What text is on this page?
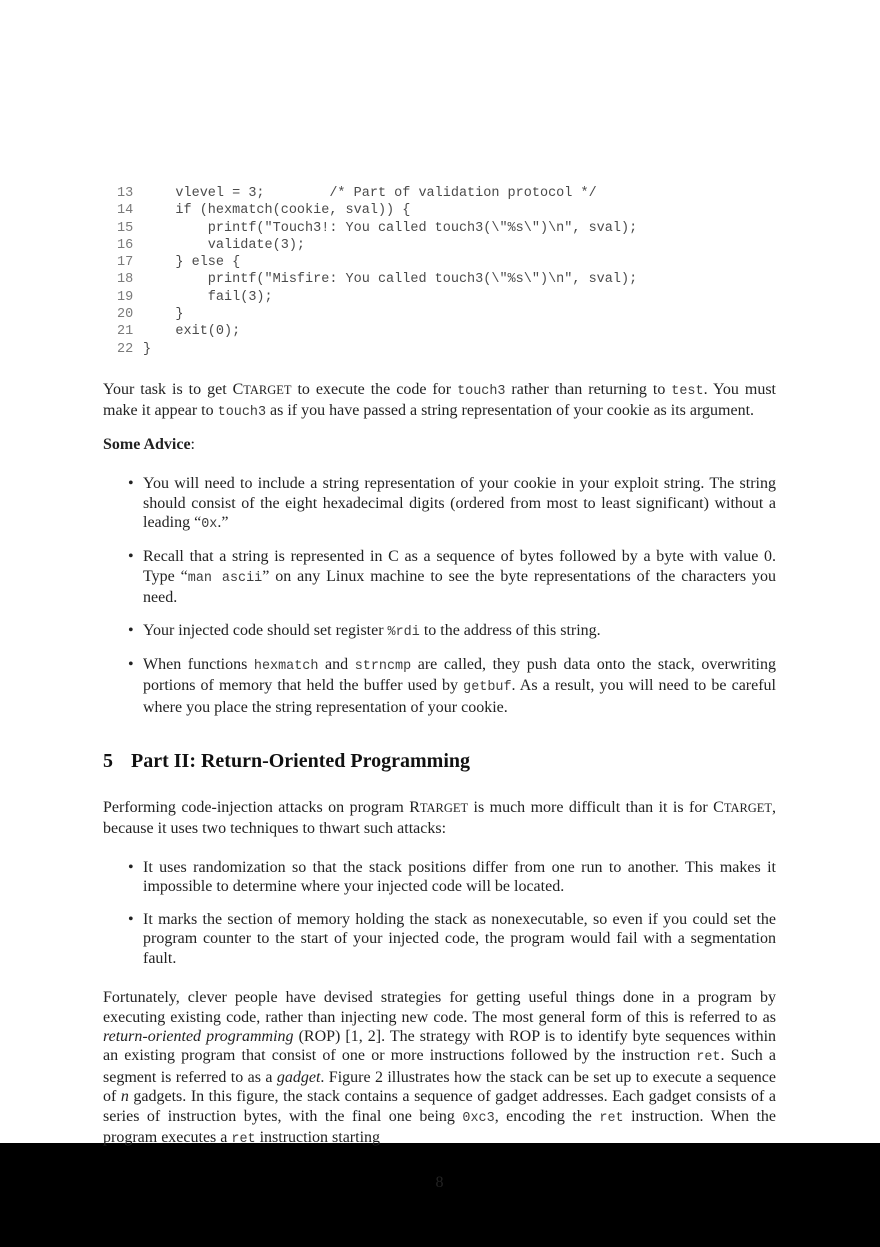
13 vlevel = 3;        /* Part of validation protocol */
14 if (hexmatch(cookie, sval)) {
15 printf("Touch3!: You called touch3(\"%s\")\n", sval);
16 validate(3);
17 } else {
18 printf("Misfire: You called touch3(\"%s\")\n", sval);
19 fail(3);
20 }
21 exit(0);
22 }

Your task is to get CTARGET to execute the code for touch3 rather than returning to test. You must make it appear to touch3 as if you have passed a string representation of your cookie as its argument.

Some Advice:

• You will need to include a string representation of your cookie in your exploit string. The string should consist of the eight hexadecimal digits (ordered from most to least significant) without a leading “0x.”
• Recall that a string is represented in C as a sequence of bytes followed by a byte with value 0. Type “man ascii” on any Linux machine to see the byte representations of the characters you need.
• Your injected code should set register %rdi to the address of this string.
• When functions hexmatch and strncmp are called, they push data onto the stack, overwriting portions of memory that held the buffer used by getbuf. As a result, you will need to be careful where you place the string representation of your cookie.
5 Part II: Return-Oriented Programming

Performing code-injection attacks on program RTARGET is much more difficult than it is for CTARGET, because it uses two techniques to thwart such attacks:

• It uses randomization so that the stack positions differ from one run to another. This makes it impossible to determine where your injected code will be located.
• It marks the section of memory holding the stack as nonexecutable, so even if you could set the program counter to the start of your injected code, the program would fail with a segmentation fault.

Fortunately, clever people have devised strategies for getting useful things done in a program by executing existing code, rather than injecting new code. The most general form of this is referred to as return-oriented programming (ROP) [1, 2]. The strategy with ROP is to identify byte sequences within an existing program that consist of one or more instructions followed by the instruction ret. Such a segment is referred to as a gadget. Figure 2 illustrates how the stack can be set up to execute a sequence of n gadgets. In this figure, the stack contains a sequence of gadget addresses. Each gadget consists of a series of instruction bytes, with the final one being 0xc3, encoding the ret instruction. When the program executes a ret instruction starting

8
